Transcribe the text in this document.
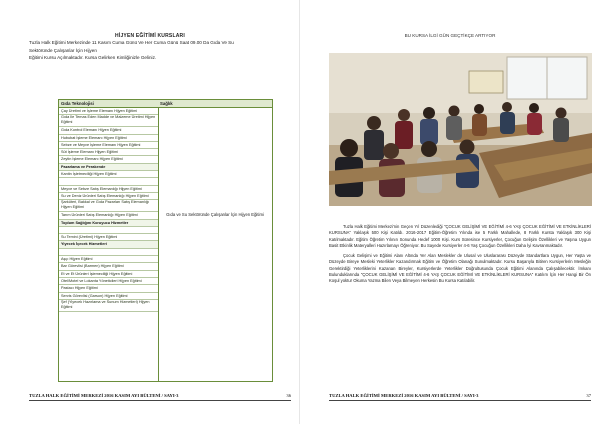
HİJYEN EĞİTİMİ KURSLARI

Tuzla Halk Eğitimi Merkezinde 11 Kasım Cuma Günü Ve Her Cuma Günü Saat 09.00 Da Gıda Ve Su

Sektöründe Çalışanlar İçin Hijyen

Eğitimi Kursu Açılmaktadır. Kursa Gelirken Kimliğinizle Geliniz.

Gıda Teknolojisi
Çay Üretimi ve İşleme Elemanı Hijyen Eğitimi
Gıda İle Temas Eden Madde ve Malzeme Üretimi Hijyen Eğitimi
Gıda Kontrol Elemanı Hijyen Eğitimi
Hububat İşleme Elemanı Hijyen Eğitimi
Sebze ve Meyve İşleme Elemanı Hijyen Eğitimi
Süt İşleme Elemanı Hijyen Eğitimi
Zeytin İşleme Elemanı Hijyen Eğitimi
Pazarlama ve Perakende
Kantin İşletmeciliği Hijyen Eğitimi
Meyve ve Sebze Satış Elemanlığı Hijyen Eğitimi
Su ve Deniz Ürünleri Satış Elemanlığı Hijyen Eğitimi
Şarküteri, Bakkal ve Gıda Pazarları Satış Elemanlığı Hijyen Eğitimi
Tarım Ürünleri Satış Elemanlığı Hijyen Eğitimi
Toplum Sağlığını Koruyucu Hizmetler
Su Temini (Üretimi) Hijyen Eğitimi
Yiyecek İçecek Hizmetleri
Aşçı Hijyen Eğitimi
Bar Görevlisi (Barmen) Hijyen Eğitimi
Et ve Et Ürünleri İşlemeciliği Hijyen Eğitimi
Otel/Motel ve Lokanta Yöneticileri Hijyen Eğitimi
Pastacı Hijyen Eğitimi
Servis Görevlisi (Garson) Hijyen Eğitimi
Şef (Yiyecek Hazırlama ve Sunum Hizmetleri) Hijyen Eğitimi
Sağlık
Gıda ve Su Sektöründe Çalışanlar İçin Hijyen Eğitimi
TUZLA HALK EĞİTİMİ MERKEZİ 2016 KASIM AYI BÜLTENİ / SAYI-3	36
BU KURSA İLGİ GÜN GEÇTİKÇE ARTIYOR

Tuzla Halk Eğitimi Merkezi'nin Geçen Yıl Düzenlediği "ÇOCUK GELİŞİMİ VE EĞİTİMİ 4-6 YAŞ ÇOCUK EĞİTİMİ VE ETKİNLİKLERİ KURSUNA" Yaklaşık 500 Kişi Katıldı. 2016-2017 Eğitim-Öğretim Yılında ise 5 Farklı Mahallede, 8 Farklı Kursta Yaklaşık 300 Kişi Katılmaktadır. Eğitim Öğretim Yılının Sonunda Hedef 1000 Kişi. Kurs Süresince Kursiyerler, Çocuğun Gelişim Özellikleri ve Yaşına Uygun Basit Etkinlik Materyalleri Hazırlamayı Öğreniyor. Bu Sayede Kursiyerler 4-6 Yaş Çocuğun Özellikleri Daha İyi Kavranmaktadır.

Çocuk Gelişimi ve Eğitimi Alanı Altında Yer Alan Meslekler de Ulusal ve Uluslararası Düzeyde Standartlara Uygun, Her Yaşta ve Düzeyde Bireye Mesleki Yeterlikler Kazandırmak Eğitim ve Öğretim Olanağı Sunulmaktadır. Kursu Başarıyla Bitiren Kursiyerlerin Mesleğin Gerektirdiği Yeterliklerini Kazanan Bireyler, Kursiyerlerde Yeterlikler Doğrultusunda Çocuk Eğitimi Alanında Çalışabilecektir. İmkanı Bulunduklarında "ÇOCUK GELİŞİMİ VE EĞİTİMİ 4-6 YAŞ ÇOCUK EĞİTİMİ VE ETKİNLİKLERİ KURSUNA" Katılım İçin Her Hangi Bir Ön Koşul yoktur Okuma Yazma Bilen Veya Bilmeyen Herkesin Bu Kursa Katılabilir.

TUZLA HALK EĞİTİMİ MERKEZİ 2016 KASIM AYI BÜLTENİ / SAYI-3	37
